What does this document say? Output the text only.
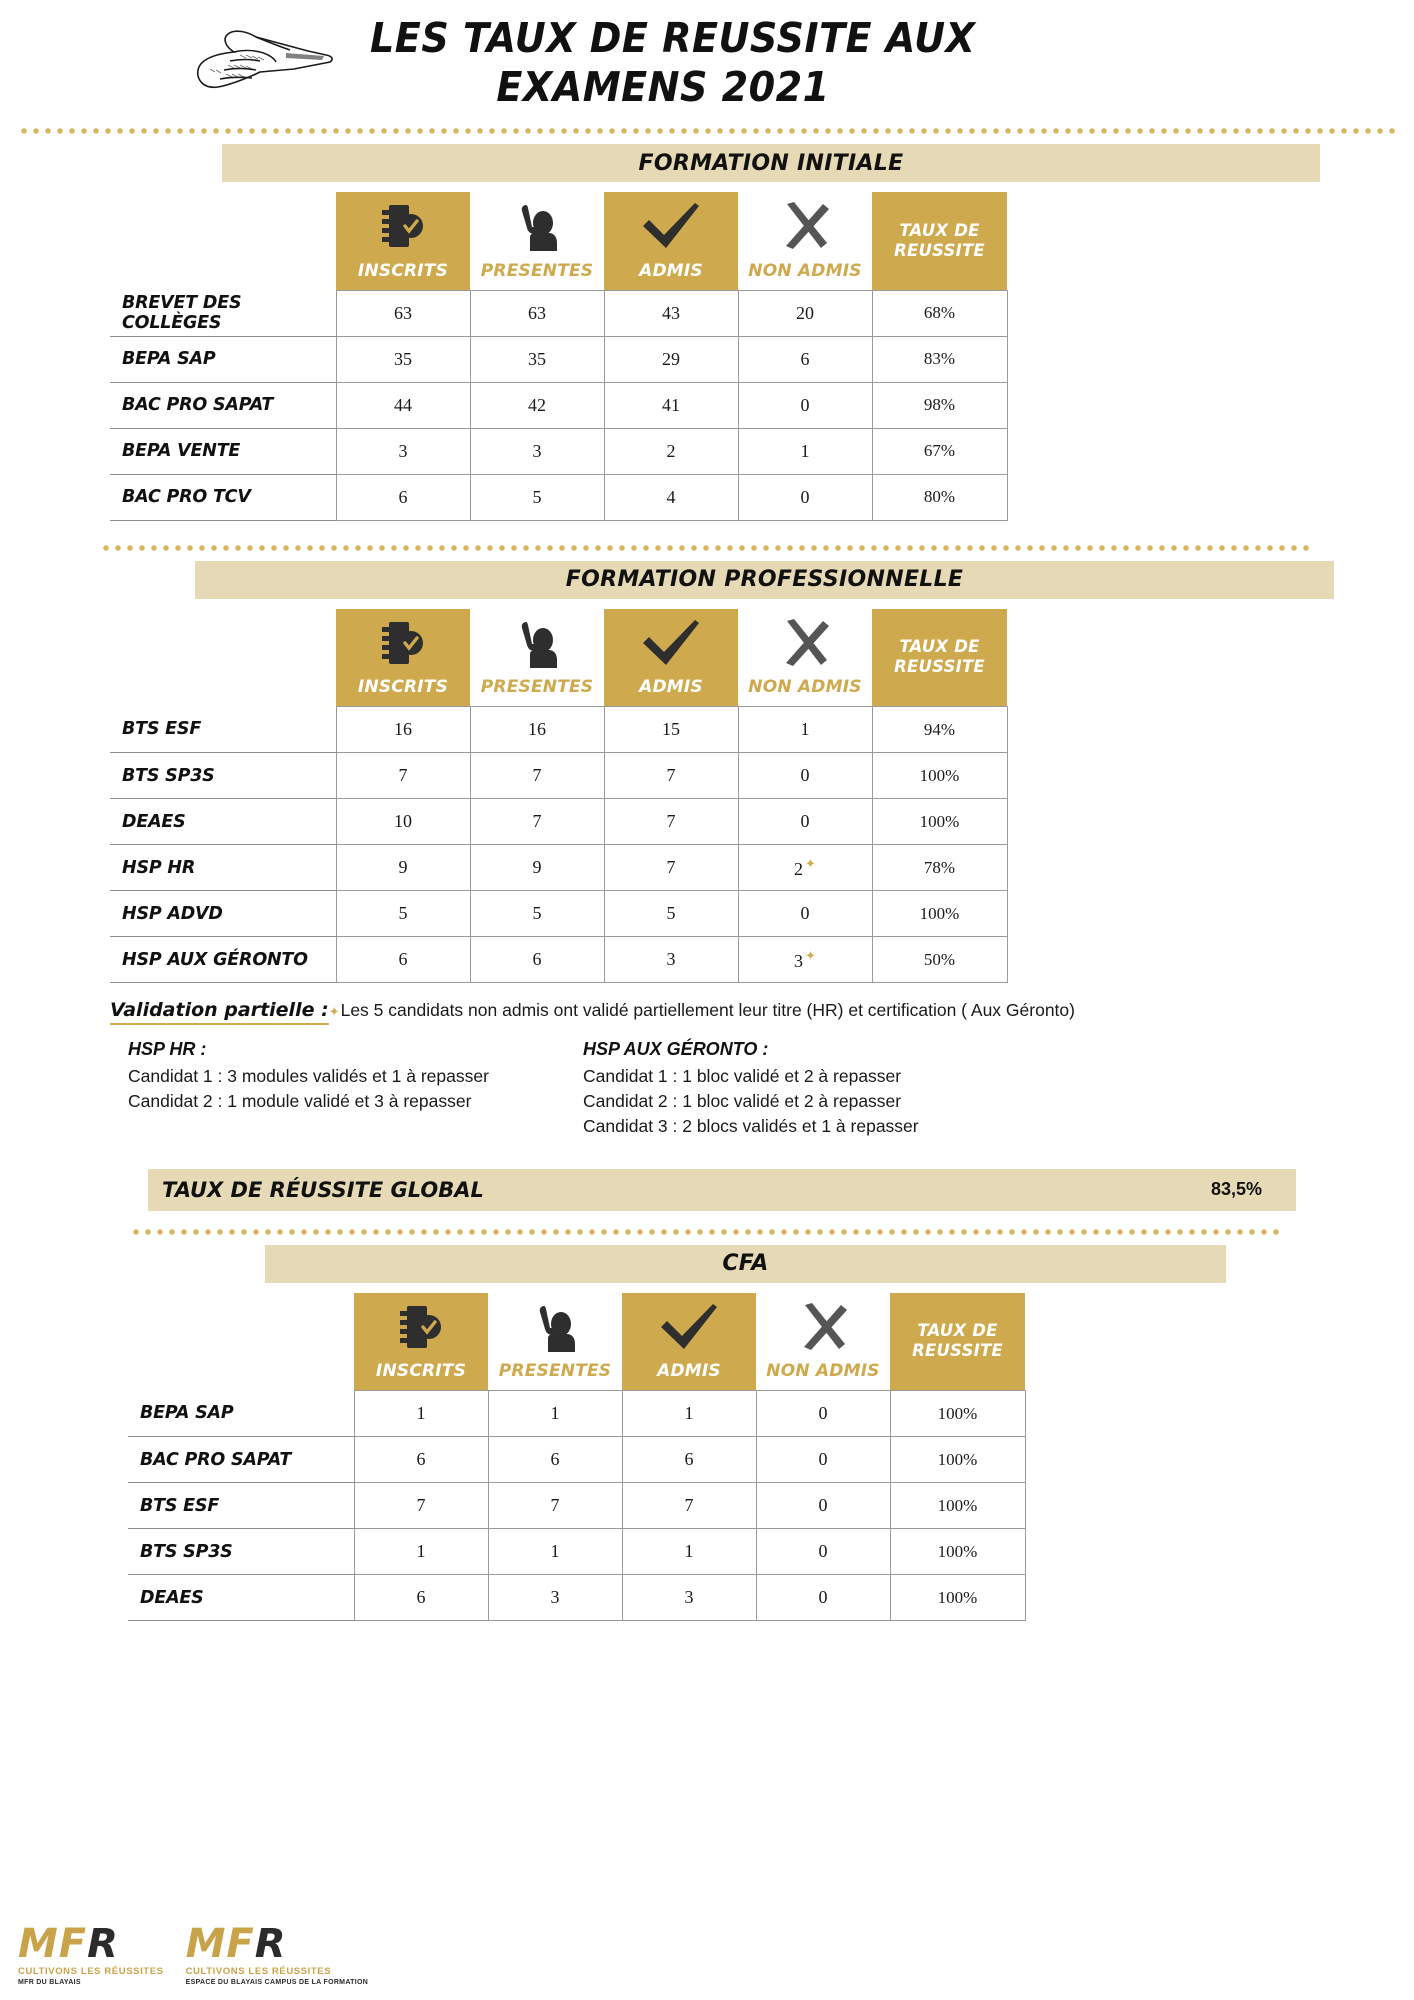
LES TAUX DE REUSSITE AUX
EXAMENS 2021
FORMATION INITIALE

	INSCRITS	PRESENTES	ADMIS	NON ADMIS	TAUX DE
REUSSITE

BREVET DES COLLÈGES	63	63	43	20	68%
BEPA SAP	35	35	29	6	83%
BAC PRO SAPAT	44	42	41	0	98%
BEPA VENTE	3	3	2	1	67%
BAC PRO TCV	6	5	4	0	80%
FORMATION PROFESSIONNELLE

	INSCRITS	PRESENTES	ADMIS	NON ADMIS	TAUX DE
REUSSITE

BTS ESF	16	16	15	1	94%
BTS SP3S	7	7	7	0	100%
DEAES	10	7	7	0	100%
HSP HR	9	9	7	2 ✦	78%
HSP ADVD	5	5	5	0	100%
HSP AUX GÉRONTO	6	6	3	3 ✦	50%
Validation partielle : ✦ Les 5 candidats non admis ont validé partiellement leur titre (HR) et certification ( Aux Géronto)
HSP HR :
Candidat 1 : 3 modules validés et 1 à repasser
Candidat 2 : 1 module validé et 3 à repasser
HSP AUX GÉRONTO :
Candidat 1 : 1 bloc validé et 2 à repasser
Candidat 2 : 1 bloc validé et 2 à repasser
Candidat 3 : 2 blocs validés et 1 à repasser
TAUX DE RÉUSSITE GLOBAL	83,5%
CFA

	INSCRITS	PRESENTES	ADMIS	NON ADMIS	TAUX DE
REUSSITE

BEPA SAP	1	1	1	0	100%
BAC PRO SAPAT	6	6	6	0	100%
BTS ESF	7	7	7	0	100%
BTS SP3S	1	1	1	0	100%
DEAES	6	3	3	0	100%
MFR
CULTIVONS LES RÉUSSITES
MFR DU BLAYAIS
MFR
CULTIVONS LES RÉUSSITES
ESPACE DU BLAYAIS CAMPUS DE LA FORMATION
